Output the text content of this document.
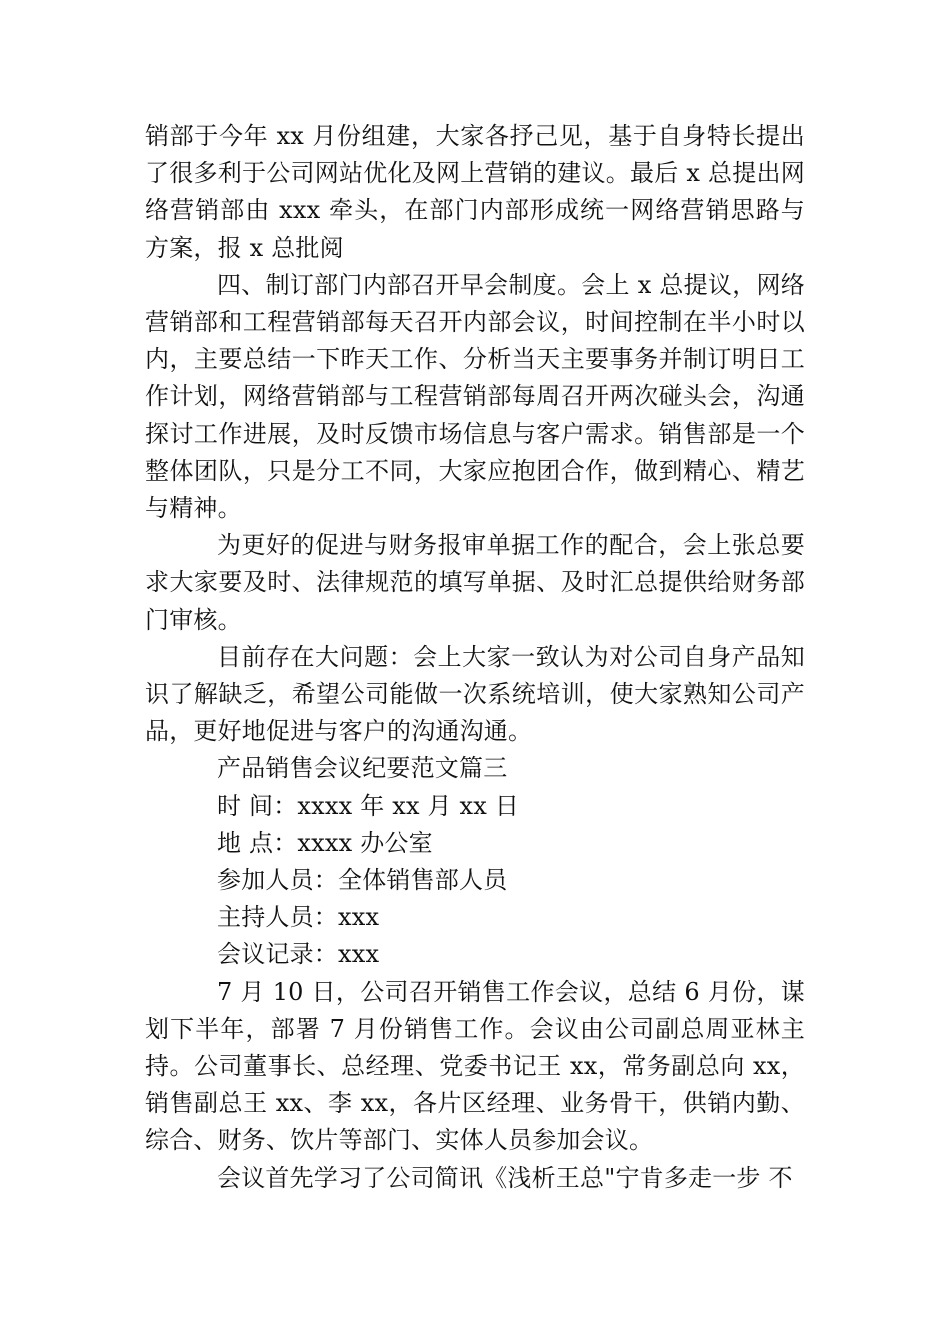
销部于今年 xx 月份组建，大家各抒己见，基于自身特长提出了很多利于公司网站优化及网上营销的建议。最后 x 总提出网络营销部由 xxx 牵头，在部门内部形成统一网络营销思路与方案，报 x 总批阅

四、制订部门内部召开早会制度。会上 x 总提议，网络营销部和工程营销部每天召开内部会议，时间控制在半小时以内，主要总结一下昨天工作、分析当天主要事务并制订明日工作计划，网络营销部与工程营销部每周召开两次碰头会，沟通探讨工作进展，及时反馈市场信息与客户需求。销售部是一个整体团队，只是分工不同，大家应抱团合作，做到精心、精艺与精神。

为更好的促进与财务报审单据工作的配合，会上张总要求大家要及时、法律规范的填写单据、及时汇总提供给财务部门审核。

目前存在大问题：会上大家一致认为对公司自身产品知识了解缺乏，希望公司能做一次系统培训，使大家熟知公司产品，更好地促进与客户的沟通沟通。

产品销售会议纪要范文篇三

时 间：xxxx 年 xx 月 xx 日

地 点：xxxx 办公室

参加人员：全体销售部人员

主持人员：xxx

会议记录：xxx

7 月 10 日，公司召开销售工作会议，总结 6 月份，谋划下半年，部署 7 月份销售工作。会议由公司副总周亚林主持。公司董事长、总经理、党委书记王 xx，常务副总向 xx，销售副总王 xx、李 xx，各片区经理、业务骨干，供销内勤、综合、财务、饮片等部门、实体人员参加会议。

会议首先学习了公司简讯《浅析王总"宁肯多走一步 不
